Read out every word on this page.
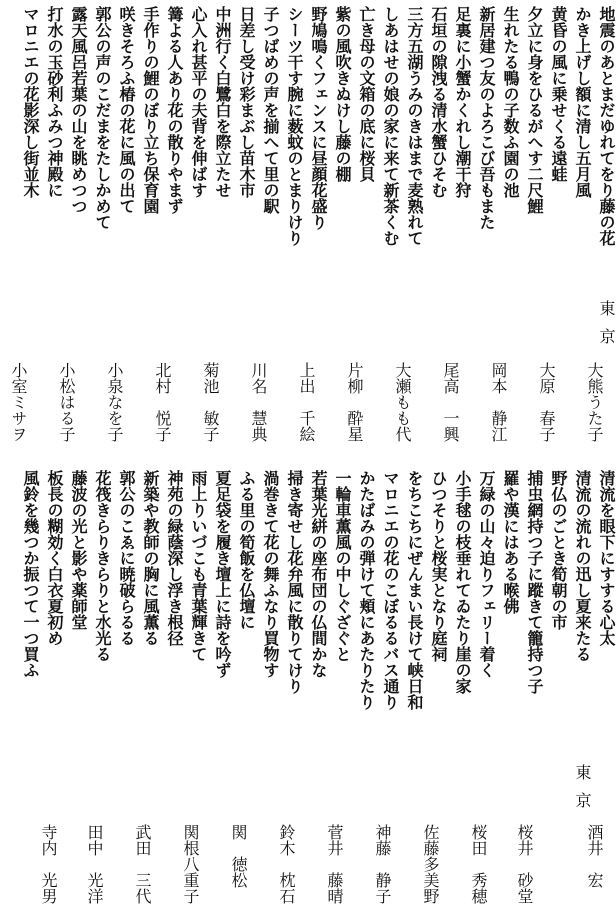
地震のあとまだゆれてをり藤の花
かき上げし額に清し五月風
黄昏の風に乗せくる遠蛙
夕立に身をひるがへす二尺鯉
生れたる鴨の子数ふ園の池
新居建つ友のよろこび吾もまた
足裏に小蟹かくれし潮干狩
石垣の隙洩る清水蟹ひそむ
三方五湖うみのきはまで麦熟れて
しあはせの娘の家に来て新茶くむ
亡き母の文箱の底に桜貝
紫の風吹きぬけし藤の棚
野鳩鳴くフェンスに昼顔花盛り
シーツ干す腕に薮蚊のとまりけり
子つばめの声を揃へて里の駅
日差し受け彩まぶし苗木市
中洲行く白鷺白を際立たせ
心入れ甚平の夫背を伸ばす
篝よる人あり花の散りやまず
手作りの鯉のぼり立ち保育園
咲きそろふ椿の花に風の出て
郭公の声のこだまをたしかめて
露天風呂若葉の山を眺めつつ
打水の玉砂利ふみつ神殿に
マロニエの花影深し街並木
東京
大熊うた子
大原　春子
岡本　静江
尾高　一興
大瀬もも代
片柳　酔星
上出　千絵
川名　慧典
菊池　敏子
北村　悦子
小泉なを子
小松はる子
小室ミサヲ
清流を眼下にすする心太
清流の流れの迅し夏来たる
野仏のごとき筍朝の市
捕虫網持つ子に蹤きて籠持つ子
羅や漢にはある喉佛
万緑の山々迫りフェリー着く
小手毬の枝垂れてゐたり崖の家
ひつそりと桜実となり庭祠
をちこちにぜんまい長けて峡日和
マロニエの花のこぼるるバス通り
かたばみの弾けて頬にあたりたり
一輪車薫風の中しぐざぐと
若葉光絣の座布団の仏間かな
掃き寄せし花弁風に散りてけり
渦巻きて花の舞ふなり買物す
ふる里の筍飯を仏壇に
夏足袋を履き壇上に詩を吟ず
雨上りいづこも青葉輝きて
神苑の緑蔭深し浮き根径
新築や教師の胸に風薫る
郭公のこゑに暁破らるる
花筏きらりきらりと水光る
藤波の光と影や薬師堂
板長の糊効く白衣夏初め
風鈴を幾つか振つて一つ買ふ
東京
酒井　宏
桜井　砂堂
桜田　秀穂
佐藤多美野
神藤　静子
菅井　藤晴
鈴木　枕石
関　徳松
関根八重子
武田　三代
田中　光洋
寺内　光男
